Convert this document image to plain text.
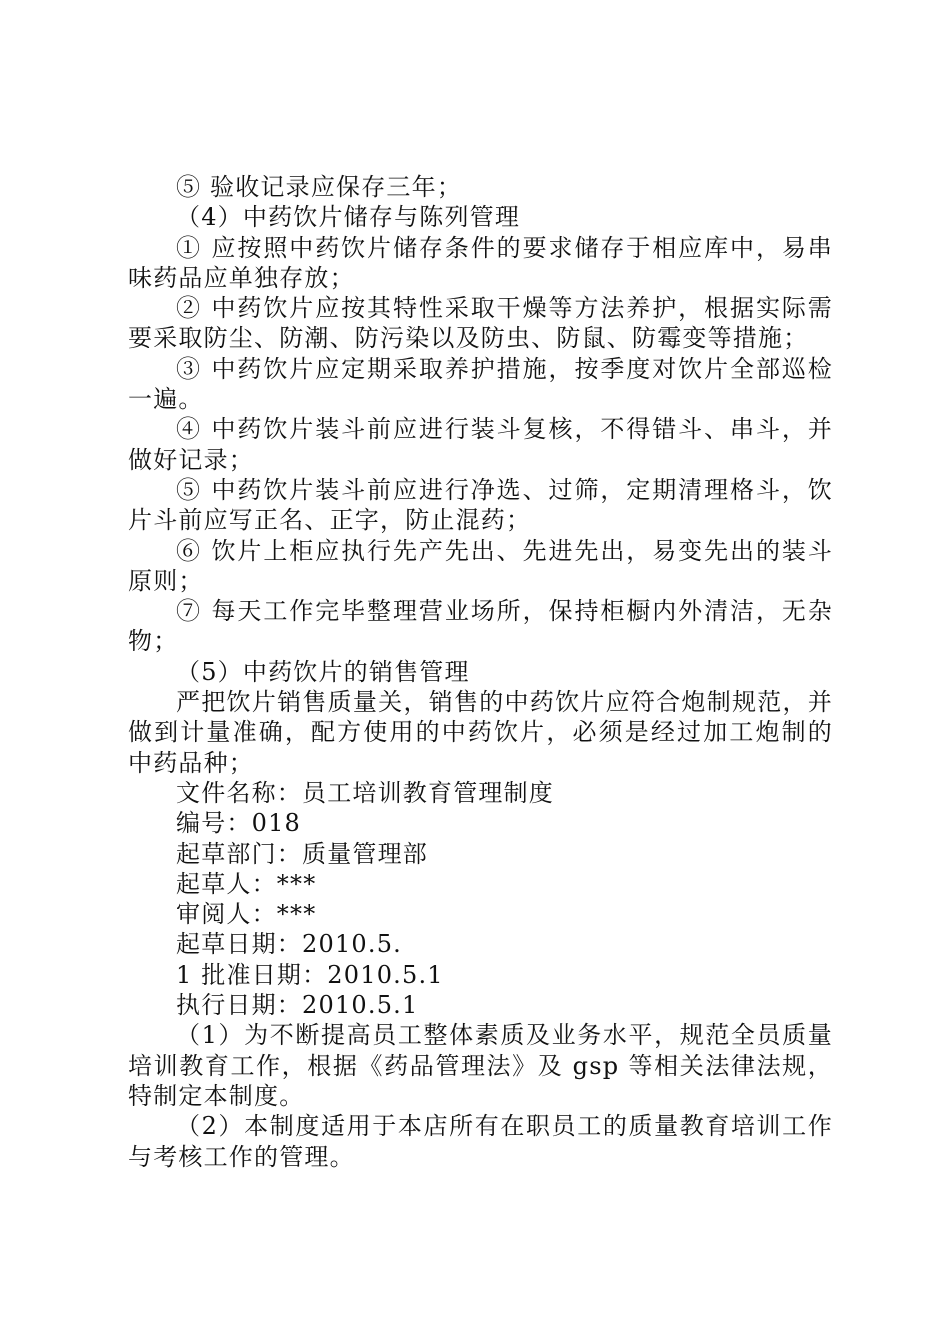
⑤ 验收记录应保存三年；

（4）中药饮片储存与陈列管理

① 应按照中药饮片储存条件的要求储存于相应库中，易串味药品应单独存放；

② 中药饮片应按其特性采取干燥等方法养护，根据实际需要采取防尘、防潮、防污染以及防虫、防鼠、防霉变等措施；

③ 中药饮片应定期采取养护措施，按季度对饮片全部巡检一遍。

④ 中药饮片装斗前应进行装斗复核，不得错斗、串斗，并做好记录；

⑤ 中药饮片装斗前应进行净选、过筛，定期清理格斗，饮片斗前应写正名、正字，防止混药；

⑥ 饮片上柜应执行先产先出、先进先出，易变先出的装斗原则；

⑦ 每天工作完毕整理营业场所，保持柜橱内外清洁，无杂物；

（5）中药饮片的销售管理

严把饮片销售质量关，销售的中药饮片应符合炮制规范，并做到计量准确，配方使用的中药饮片，必须是经过加工炮制的中药品种；

文件名称：员工培训教育管理制度

编号：018

起草部门：质量管理部

起草人：***

审阅人：***

起草日期：2010.5.

1 批准日期：2010.5.1

执行日期：2010.5.1

（1）为不断提高员工整体素质及业务水平，规范全员质量培训教育工作，根据《药品管理法》及 gsp 等相关法律法规，特制定本制度。

（2）本制度适用于本店所有在职员工的质量教育培训工作与考核工作的管理。
